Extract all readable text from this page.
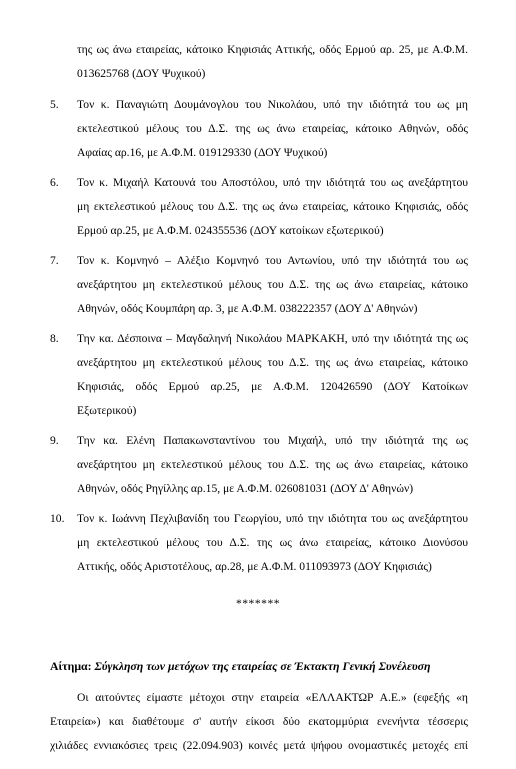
της ως άνω εταιρείας, κάτοικο Κηφισιάς Αττικής, οδός Ερμού αρ. 25, με Α.Φ.Μ.
013625768 (ΔΟΥ Ψυχικού)
5. Τον κ. Παναγιώτη Δουμάνογλου του Νικολάου, υπό την ιδιότητά του ως μη
εκτελεστικού μέλους του Δ.Σ. της ως άνω εταιρείας, κάτοικο Αθηνών, οδός
Αφαίας αρ.16, με Α.Φ.Μ. 019129330 (ΔΟΥ Ψυχικού)
6. Τον κ. Μιχαήλ Κατουνά του Αποστόλου, υπό την ιδιότητά του ως ανεξάρτητου
μη εκτελεστικού μέλους του Δ.Σ. της ως άνω εταιρείας, κάτοικο Κηφισιάς, οδός
Ερμού αρ.25, με Α.Φ.Μ. 024355536 (ΔΟΥ κατοίκων εξωτερικού)
7. Τον κ. Κομνηνό – Αλέξιο Κομνηνό του Αντωνίου, υπό την ιδιότητά του ως
ανεξάρτητου μη εκτελεστικού μέλους του Δ.Σ. της ως άνω εταιρείας, κάτοικο
Αθηνών, οδός Κουμπάρη αρ. 3, με Α.Φ.Μ. 038222357 (ΔΟΥ Δ' Αθηνών)
8. Την κα. Δέσποινα – Μαγδαληνή Νικολάου ΜΑΡΚΑΚΗ, υπό την ιδιότητά της ως
ανεξάρτητου μη εκτελεστικού μέλους του Δ.Σ. της ως άνω εταιρείας, κάτοικο
Κηφισιάς, οδός Ερμού αρ.25, με Α.Φ.Μ. 120426590 (ΔΟΥ Κατοίκων
Εξωτερικού)
9. Την κα. Ελένη Παπακωνσταντίνου του Μιχαήλ, υπό την ιδιότητά της ως
ανεξάρτητου μη εκτελεστικού μέλους του Δ.Σ. της ως άνω εταιρείας, κάτοικο
Αθηνών, οδός Ρηγίλλης αρ.15, με Α.Φ.Μ. 026081031 (ΔΟΥ Δ' Αθηνών)
10. Τον κ. Ιωάννη Πεχλιβανίδη του Γεωργίου, υπό την ιδιότητα του ως ανεξάρτητου
μη εκτελεστικού μέλους του Δ.Σ. της ως άνω εταιρείας, κάτοικο Διονύσου
Αττικής, οδός Αριστοτέλους, αρ.28, με Α.Φ.Μ. 011093973 (ΔΟΥ Κηφισιάς)
*******
Αίτημα: Σύγκληση των μετόχων της εταιρείας σε Έκτακτη Γενική Συνέλευση
Οι αιτούντες είμαστε μέτοχοι στην εταιρεία «ΕΛΛΑΚΤΩΡ Α.Ε.» (εφεξής «η
Εταιρεία») και διαθέτουμε σ' αυτήν είκοσι δύο εκατομμύρια ενενήντα τέσσερις
χιλιάδες εννιακόσιες τρεις (22.094.903) κοινές μετά ψήφου ονομαστικές μετοχές επί
